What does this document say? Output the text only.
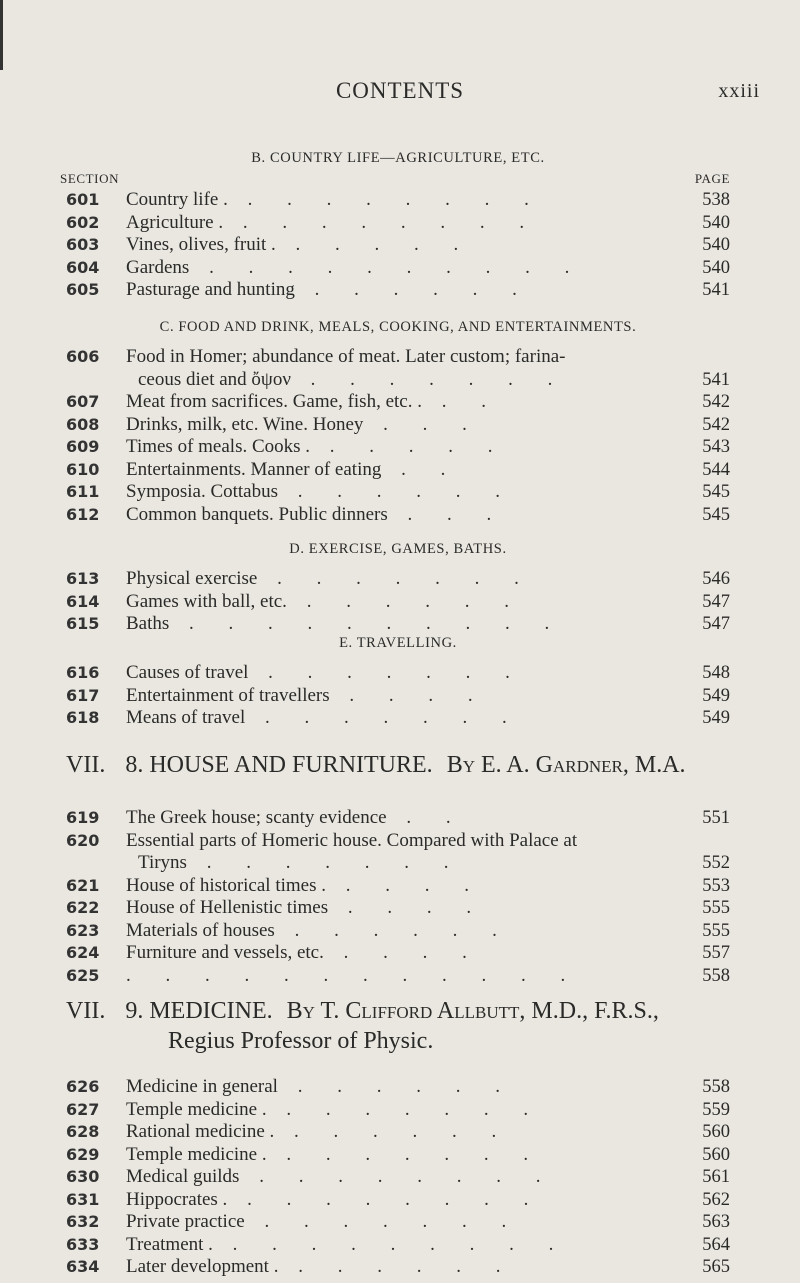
CONTENTS	xxiii
B. COUNTRY LIFE—AGRICULTURE, ETC.
SECTION	PAGE
601 Country life . . . . . . . . .	538
602 Agriculture . . . . . . . . .	540
603 Vines, olives, fruit . . . . . .	540
604 Gardens . . . . . . . . . .	540
605 Pasturage and hunting . . . . . .	541
C. FOOD AND DRINK, MEALS, COOKING, AND ENTERTAINMENTS.
606 Food in Homer; abundance of meat. Later custom; farina-
ceous diet and ὄψον . . . . . . .	541
607 Meat from sacrifices. Game, fish, etc. . . .	542
608 Drinks, milk, etc. Wine. Honey . . .	542
609 Times of meals. Cooks . . . . . .	543
610 Entertainments. Manner of eating . .	544
611 Symposia. Cottabus . . . . . .	545
612 Common banquets. Public dinners . . .	545
D. EXERCISE, GAMES, BATHS.
613 Physical exercise . . . . . . .	546
614 Games with ball, etc. . . . . . .	547
615 Baths . . . . . . . . . .	547
E. TRAVELLING.
616 Causes of travel . . . . . . .	548
617 Entertainment of travellers . . . .	549
618 Means of travel . . . . . . .	549
VII. 8. HOUSE AND FURNITURE. By E. A. Gardner, M.A.
619 The Greek house; scanty evidence . .	551
620 Essential parts of Homeric house. Compared with Palace at
Tiryns . . . . . . .	552
621 House of historical times . . . . .	553
622 House of Hellenistic times . . . .	555
623 Materials of houses . . . . . .	555
624 Furniture and vessels, etc. . . . .	557
625 . . . . . . . . . . . .	558
VII. 9. MEDICINE. By T. Clifford Allbutt, M.D., F.R.S.,
Regius Professor of Physic.
626 Medicine in general . . . . . .	558
627 Temple medicine . . . . . . . .	559
628 Rational medicine . . . . . . .	560
629 Temple medicine . . . . . . . .	560
630 Medical guilds . . . . . . . .	561
631 Hippocrates . . . . . . . . .	562
632 Private practice . . . . . . .	563
633 Treatment . . . . . . . . . .	564
634 Later development . . . . . . .	565
